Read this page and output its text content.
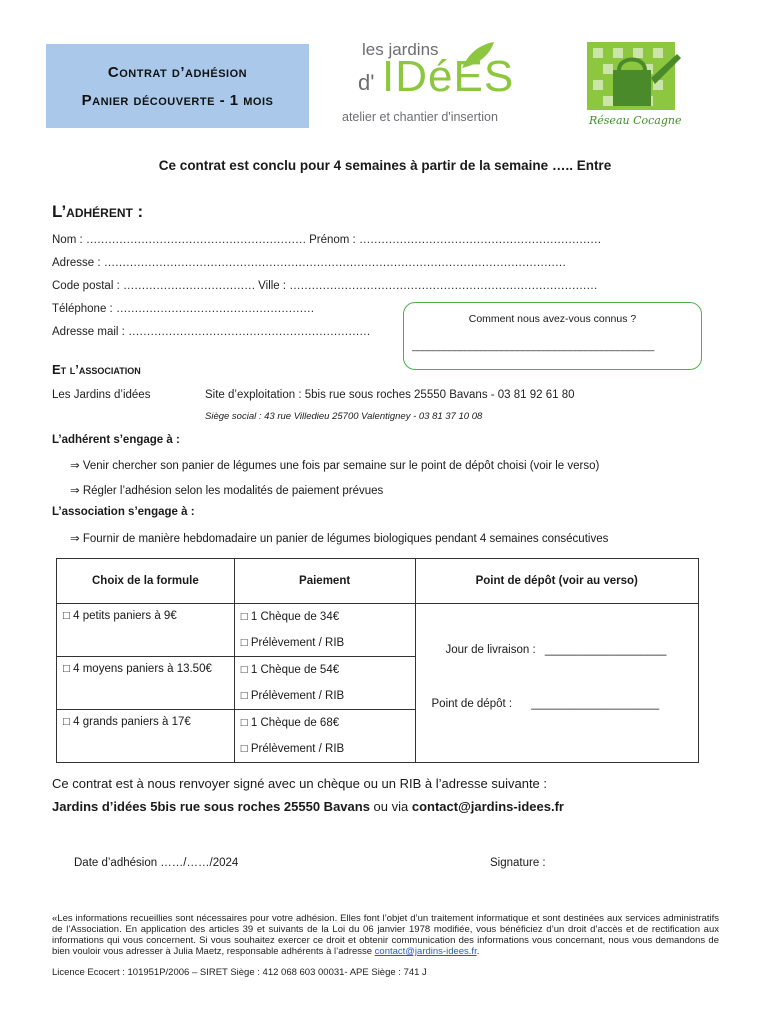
Contrat d’adhésion
Panier découverte - 1 mois
les jardins
d' IDéES
atelier et chantier d'insertion	Réseau Cocagne
Ce contrat est conclu pour 4 semaines à partir de la semaine ….. Entre
L’adhérent :
Nom : …………………………………………………… Prénom : …………………………………………………………
Adresse : ………………………………………………………………………………………………………………
Code postal : ……………………………… Ville : …………………………………………………………………………
Téléphone : ………………………………………………
Adresse mail : …………………………………………………………
Comment nous avez-vous connus ?
______________________________________________
Et l’association
Les Jardins d’idées	Site d’exploitation : 5bis rue sous roches 25550 Bavans - 03 81 92 61 80
Siège social : 43 rue Villedieu 25700 Valentigney - 03 81 37 10 08
L’adhérent s’engage à :
⇒ Venir chercher son panier de légumes une fois par semaine sur le point de dépôt choisi (voir le verso)
⇒ Régler l’adhésion selon les modalités de paiement prévues
L’association s’engage à :
⇒ Fournir de manière hebdomadaire un panier de légumes biologiques pendant 4 semaines consécutives
Choix de la formule	Paiement	Point de dépôt (voir au verso)
□ 4 petits paniers à 9€	□ 1 Chèque de 34€	Jour de livraison : ___________________
Point de dépôt : ____________________

	□ Prélèvement / RIB	
□ 4 moyens paniers à 13.50€	□ 1 Chèque de 54€	
	□ Prélèvement / RIB	
□ 4 grands paniers à 17€	□ 1 Chèque de 68€	
	□ Prélèvement / RIB	
Ce contrat est à nous renvoyer signé avec un chèque ou un RIB à l’adresse suivante :
Jardins d’idées 5bis rue sous roches 25550 Bavans ou via contact@jardins-idees.fr
Date d’adhésion ……/……/2024	Signature :
«Les informations recueillies sont nécessaires pour votre adhésion. Elles font l’objet d’un traitement informatique et sont destinées aux services administratifs de l’Association. En application des articles 39 et suivants de la Loi du 06 janvier 1978 modifiée, vous bénéficiez d’un droit d’accès et de rectification aux informations qui vous concernent. Si vous souhaitez exercer ce droit et obtenir communication des informations vous concernant, nous vous demandons de bien vouloir vous adresser à Julia Maetz, responsable adhérents à l’adresse contact@jardins-idees.fr.
Licence Ecocert : 101951P/2006 – SIRET Siège : 412 068 603 00031- APE Siège : 741 J
